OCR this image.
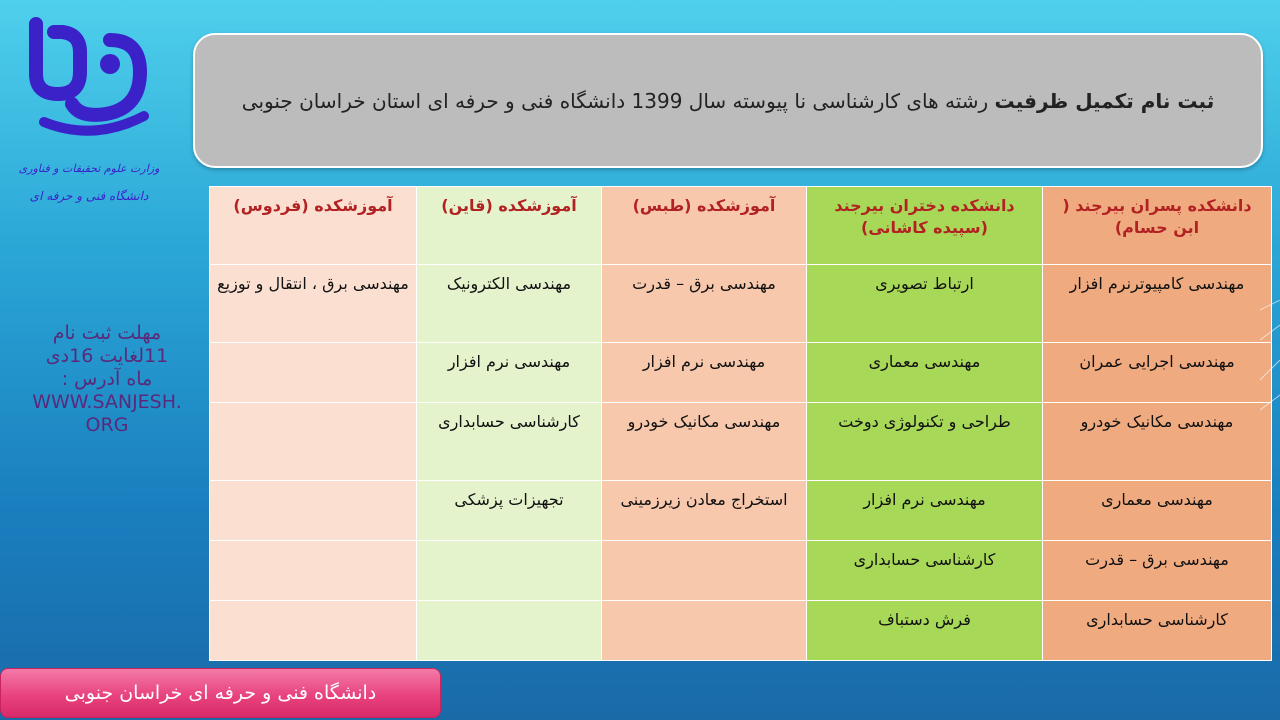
وزارت علوم تحقیقات و فناوری
دانشگاه فنی و حرفه ای
ثبت نام تکمیل ظرفیت رشته های کارشناسی نا پیوسته سال 1399 دانشگاه فنی و حرفه ای استان خراسان جنوبی
مهلت ثبت نام
11لغایت 16دی
ماه آدرس :
WWW.SANJESH.
ORG
دانشکده پسران بیرجند ( ابن حسام)	دانشکده دختران بیرجند (سپیده کاشانی)	آموزشکده (طبس)	آموزشکده (قاین)	آموزشکده (فردوس)
مهندسی کامپیوترنرم افزار	ارتباط تصویری	مهندسی برق – قدرت	مهندسی الکترونیک	مهندسی برق ، انتقال و توزیع
مهندسی اجرایی عمران	مهندسی معماری	مهندسی نرم افزار	مهندسی نرم افزار	
مهندسی مکانیک خودرو	طراحی و تکنولوژی دوخت	مهندسی مکانیک خودرو	کارشناسی حسابداری	
مهندسی معماری	مهندسی نرم افزار	استخراج معادن زیرزمینی	تجهیزات پزشکی	
مهندسی برق – قدرت	کارشناسی حسابداری			
کارشناسی حسابداری	فرش دستباف			
دانشگاه فنی و حرفه ای خراسان جنوبی
